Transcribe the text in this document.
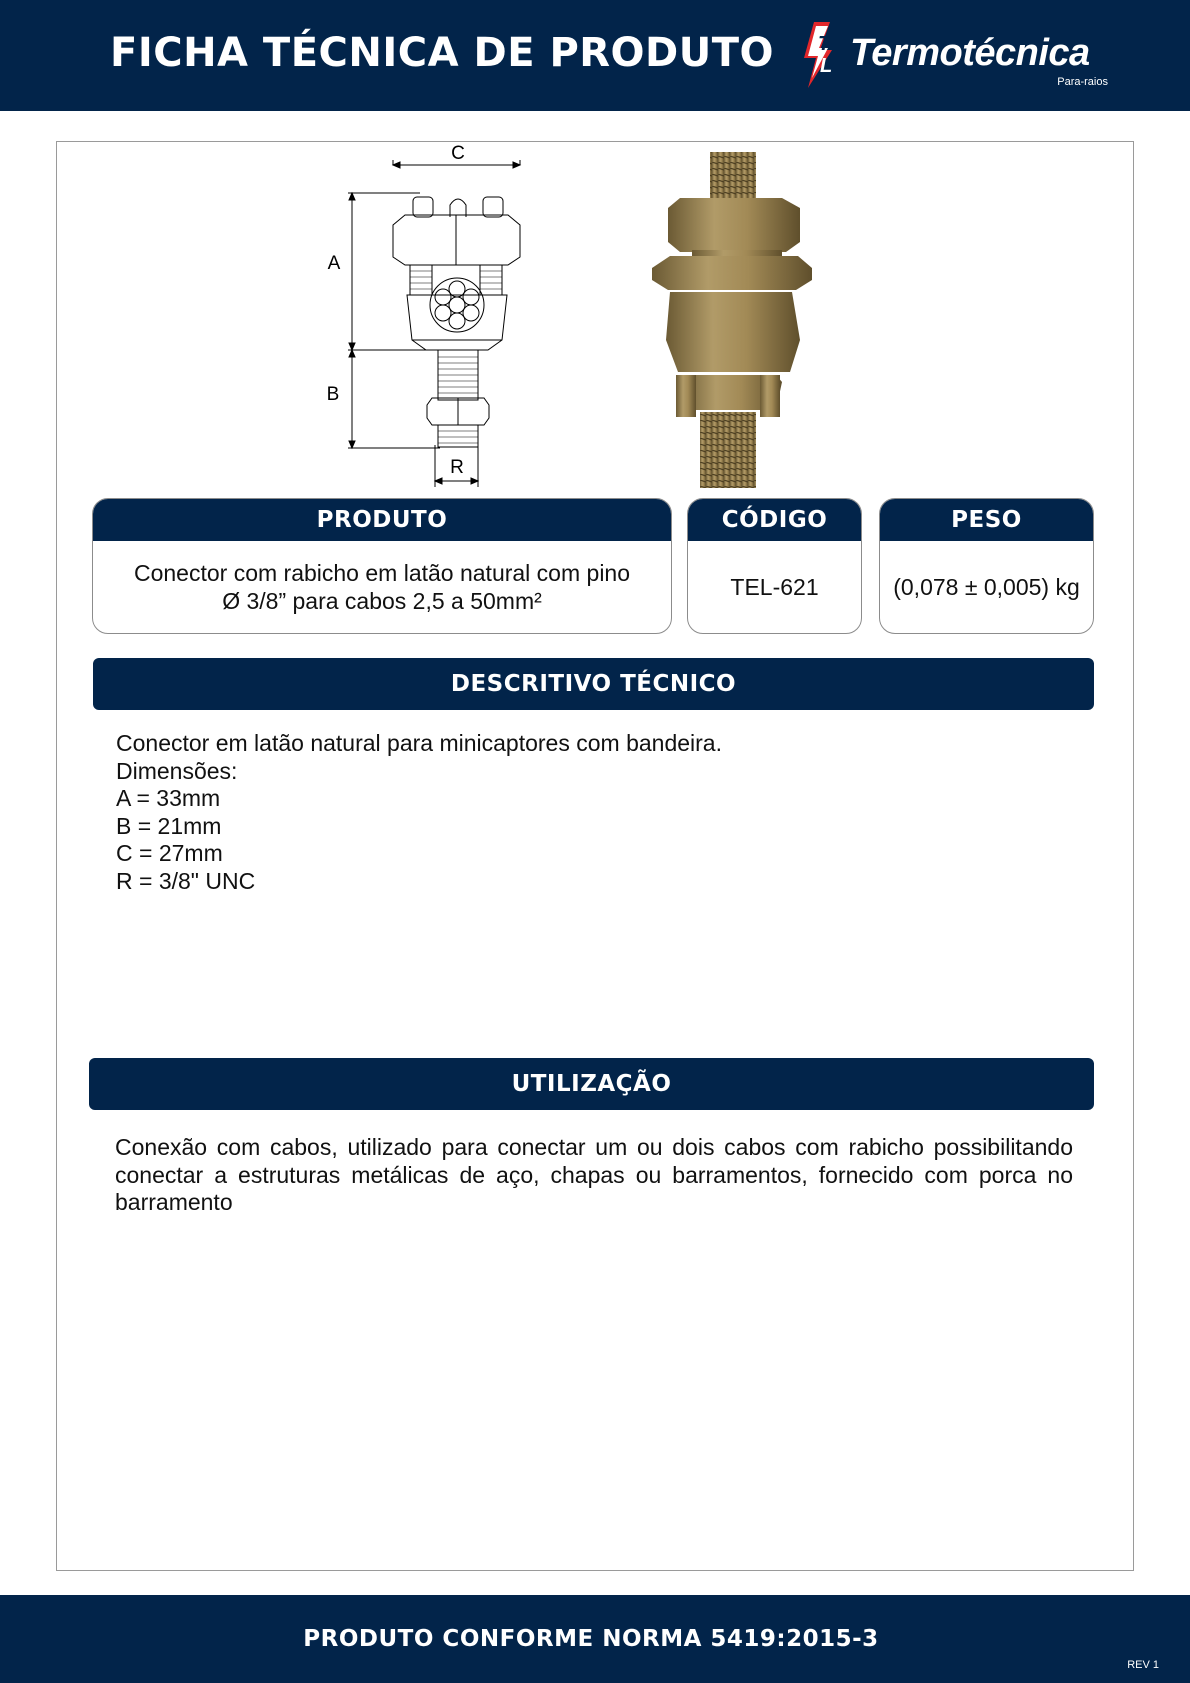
FICHA TÉCNICA DE PRODUTO T
L Termotécnica
Para-raios
C
A
B
R
PRODUTO
Conector com rabicho em latão natural com pino
Ø 3/8” para cabos 2,5 a 50mm²
CÓDIGO
TEL-621
PESO
(0,078 ± 0,005) kg
DESCRITIVO TÉCNICO
Conector em latão natural para minicaptores com bandeira.
Dimensões:
A = 33mm
B = 21mm
C = 27mm
R = 3/8" UNC
UTILIZAÇÃO
Conexão com cabos, utilizado para conectar um ou dois cabos com rabicho possibilitando conectar a estruturas metálicas de aço, chapas ou barramentos, fornecido com porca no barramento
PRODUTO CONFORME NORMA 5419:2015-3
REV 1
